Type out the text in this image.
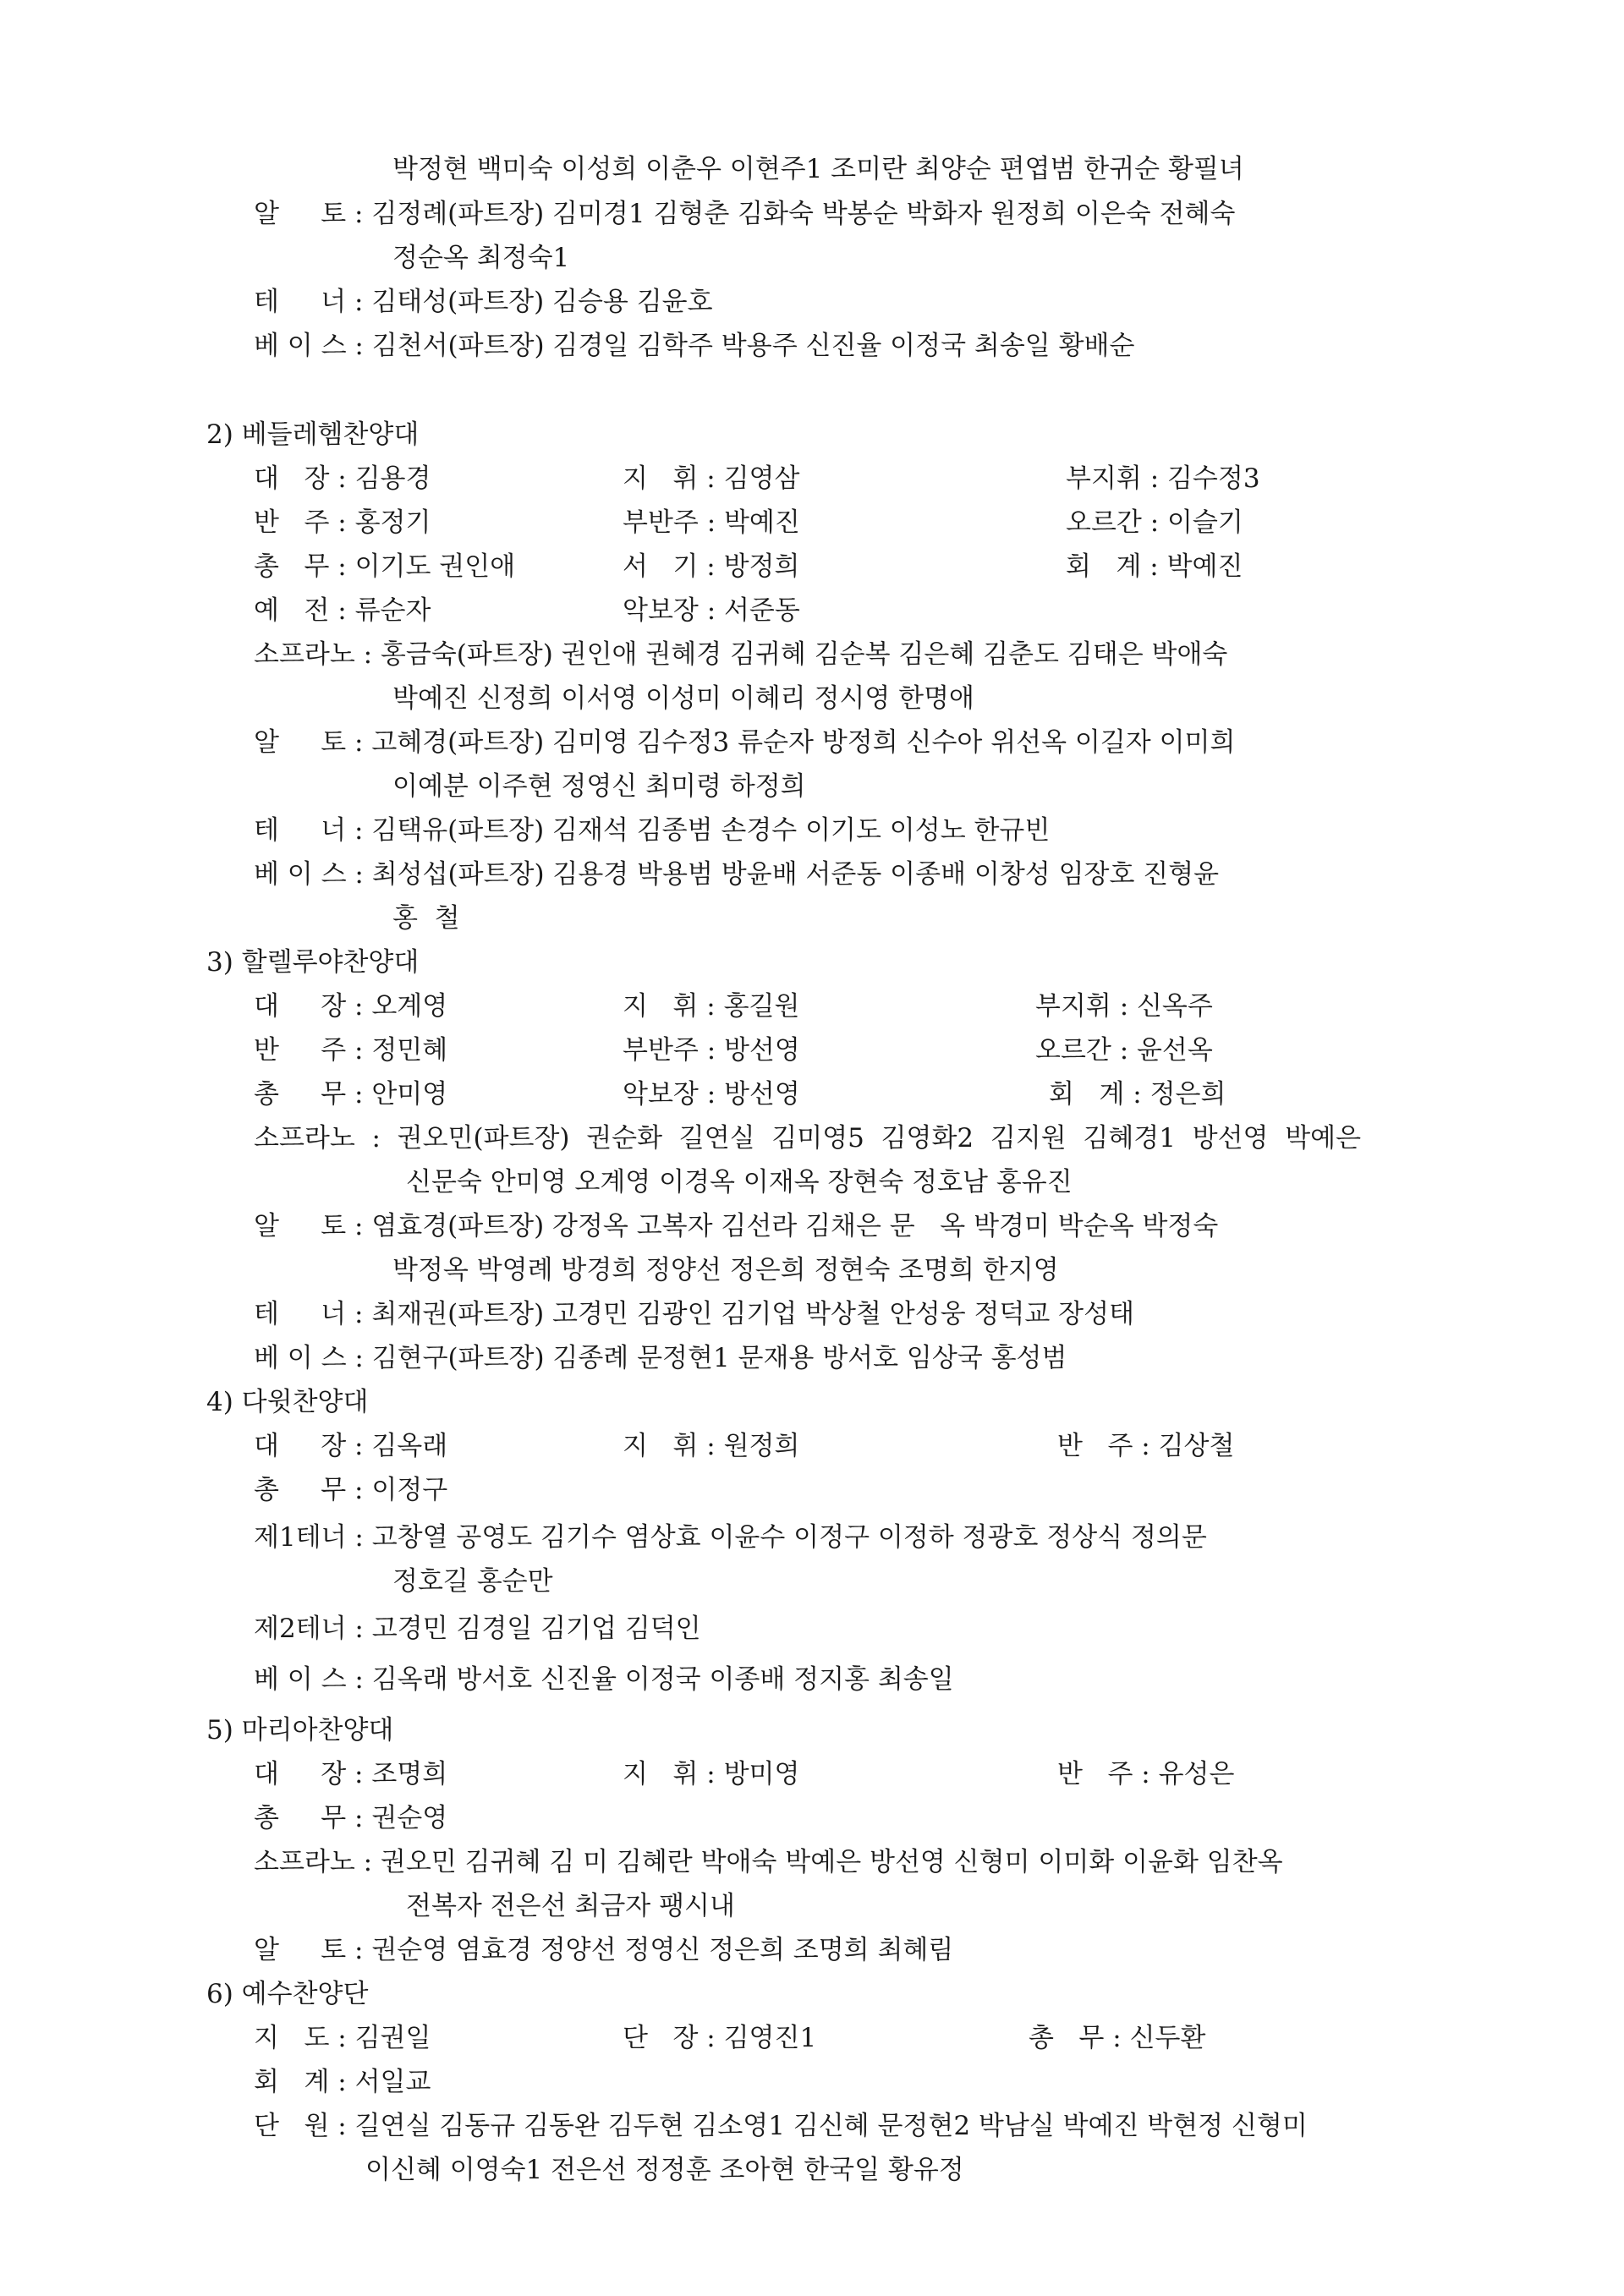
박정현 백미숙 이성희 이춘우 이현주1 조미란 최양순 편엽범 한귀순 황필녀
알     토 : 김정례(파트장) 김미경1 김형춘 김화숙 박봉순 박화자 원정희 이은숙 전혜숙
정순옥 최정숙1
테     너 : 김태성(파트장) 김승용 김윤호
베 이 스 : 김천서(파트장) 김경일 김학주 박용주 신진율 이정국 최송일 황배순
2) 베들레헴찬양대
대   장 : 김용경	지   휘 : 김영삼	부지휘 : 김수정3
반   주 : 홍정기	부반주 : 박예진	오르간 : 이슬기
총   무 : 이기도 권인애	서   기 : 방정희	회   계 : 박예진
예   전 : 류순자	악보장 : 서준동
소프라노 : 홍금숙(파트장) 권인애 권혜경 김귀혜 김순복 김은혜 김춘도 김태은 박애숙
박예진 신정희 이서영 이성미 이혜리 정시영 한명애
알     토 : 고혜경(파트장) 김미영 김수정3 류순자 방정희 신수아 위선옥 이길자 이미희
이예분 이주현 정영신 최미령 하정희
테     너 : 김택유(파트장) 김재석 김종범 손경수 이기도 이성노 한규빈
베 이 스 : 최성섭(파트장) 김용경 박용범 방윤배 서준동 이종배 이창성 임장호 진형윤
홍  철
3) 할렐루야찬양대
대     장 : 오계영	지   휘 : 홍길원	부지휘 : 신옥주
반     주 : 정민혜	부반주 : 방선영	오르간 : 윤선옥
총     무 : 안미영	악보장 : 방선영	회   계 : 정은희
소프라노  :  권오민(파트장)  권순화  길연실  김미영5  김영화2  김지원  김혜경1  방선영  박예은
신문숙 안미영 오계영 이경옥 이재옥 장현숙 정호남 홍유진
알     토 : 염효경(파트장) 강정옥 고복자 김선라 김채은 문   옥 박경미 박순옥 박정숙
박정옥 박영례 방경희 정양선 정은희 정현숙 조명희 한지영
테     너 : 최재권(파트장) 고경민 김광인 김기업 박상철 안성웅 정덕교 장성태
베 이 스 : 김현구(파트장) 김종례 문정현1 문재용 방서호 임상국 홍성범
4) 다윗찬양대
대     장 : 김옥래	지   휘 : 원정희	반   주 : 김상철
총     무 : 이정구
제1테너 : 고창열 공영도 김기수 염상효 이윤수 이정구 이정하 정광호 정상식 정의문
정호길 홍순만
제2테너 : 고경민 김경일 김기업 김덕인
베 이 스 : 김옥래 방서호 신진율 이정국 이종배 정지홍 최송일
5) 마리아찬양대
대     장 : 조명희	지   휘 : 방미영	반   주 : 유성은
총     무 : 권순영
소프라노 : 권오민 김귀혜 김 미 김혜란 박애숙 박예은 방선영 신형미 이미화 이윤화 임찬옥
전복자 전은선 최금자 팽시내
알     토 : 권순영 염효경 정양선 정영신 정은희 조명희 최혜림
6) 예수찬양단
지   도 : 김권일	단   장 : 김영진1	총   무 : 신두환
회   계 : 서일교
단   원 : 길연실 김동규 김동완 김두현 김소영1 김신혜 문정현2 박남실 박예진 박현정 신형미
이신혜 이영숙1 전은선 정정훈 조아현 한국일 황유정
